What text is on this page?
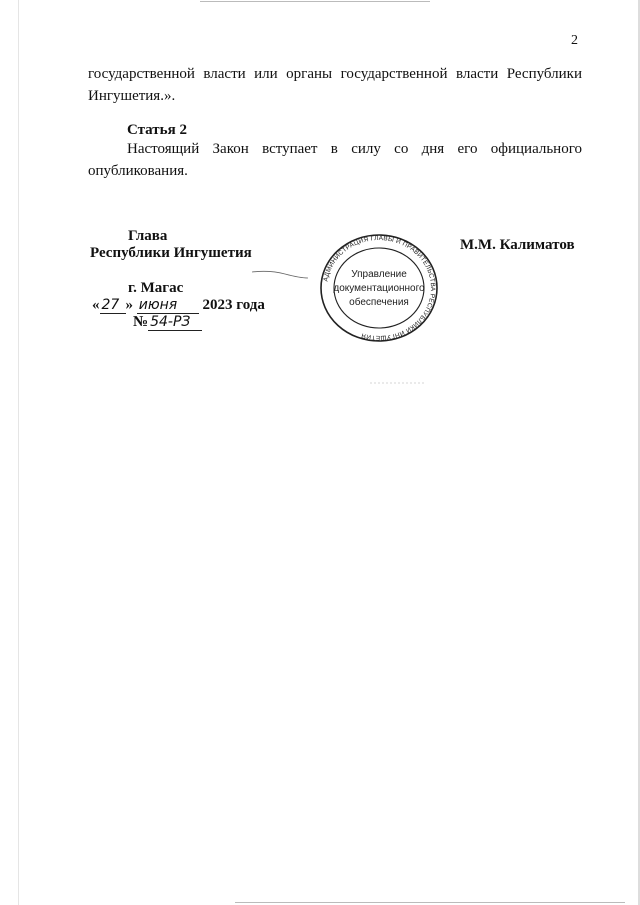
2
государственной власти или органы государственной власти Республики
Ингушетия.».
Статья 2
Настоящий Закон вступает в силу со дня его официального
опубликования.
Глава
Республики Ингушетия	М.М. Калиматов
г. Магас
« 27 » июня 2023 года
№ 54-РЗ
АДМИНИСТРАЦИЯ ГЛАВЫ И ПРАВИТЕЛЬСТВА РЕСПУБЛИКИ ИНГУШЕТИЯ
Управление
документационного
обеспечения
